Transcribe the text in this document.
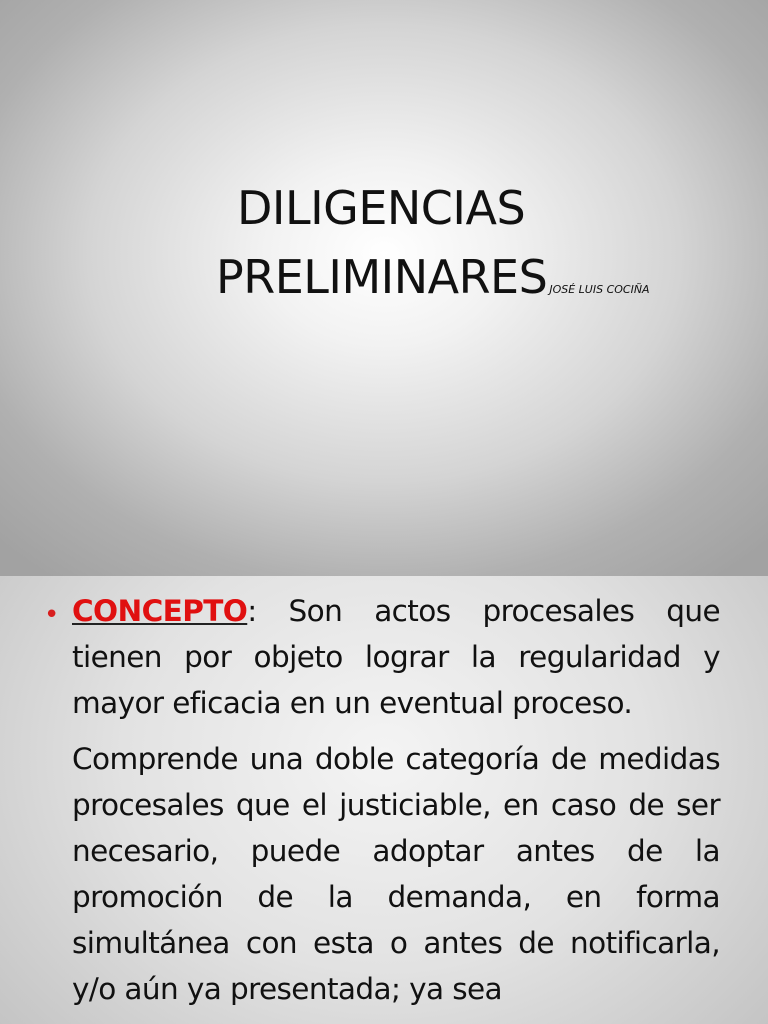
DILIGENCIAS
PRELIMINARES JOSÉ LUIS COCIÑA
• CONCEPTO: Son actos procesales que tienen por objeto lograr la regularidad y mayor eficacia en un eventual proceso.
Comprende una doble categoría de medidas procesales que el justiciable, en caso de ser necesario, puede adoptar antes de la promoción de la demanda, en forma simultánea con esta o antes de notificarla, y/o aún ya presentada; ya sea
